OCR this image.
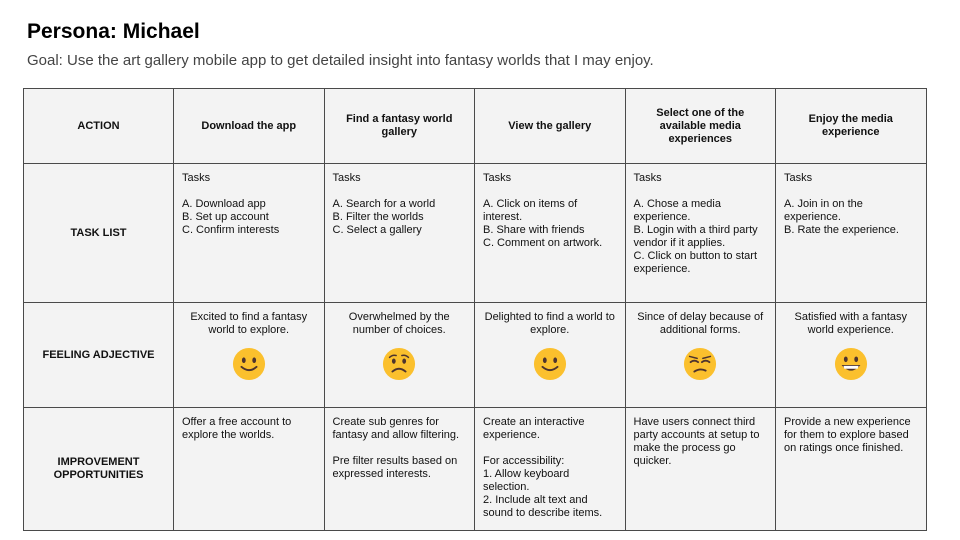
Persona: Michael
Goal: Use the art gallery mobile app to get detailed insight into fantasy worlds that I may enjoy.
ACTION	Download the app	Find a fantasy world gallery	View the gallery	Select one of the available media experiences	Enjoy the media experience
TASK LIST	Tasks

A. Download app
B. Set up account
C. Confirm interests	Tasks

A. Search for a world
B. Filter the worlds
C. Select a gallery	Tasks

A. Click on items of interest.
B. Share with friends
C. Comment on artwork.	Tasks

A. Chose a media experience.
B. Login with a third party vendor if it applies.
C. Click on button to start experience.	Tasks

A. Join in on the experience.
B. Rate the experience.
FEELING ADJECTIVE	Excited to find a fantasy world to explore.	Overwhelmed by the number of choices.	Delighted to find a world to explore.	Since of delay because of additional forms.	Satisfied with a fantasy world experience.

IMPROVEMENT OPPORTUNITIES	Offer a free account to explore the worlds.	Create sub genres for fantasy and allow filtering.

Pre filter results based on expressed interests.	Create an interactive experience.

For accessibility:
1. Allow keyboard selection.
2. Include alt text and sound to describe items.	Have users connect third party accounts at setup to make the process go quicker.	Provide a new experience for them to explore based on ratings once finished.
